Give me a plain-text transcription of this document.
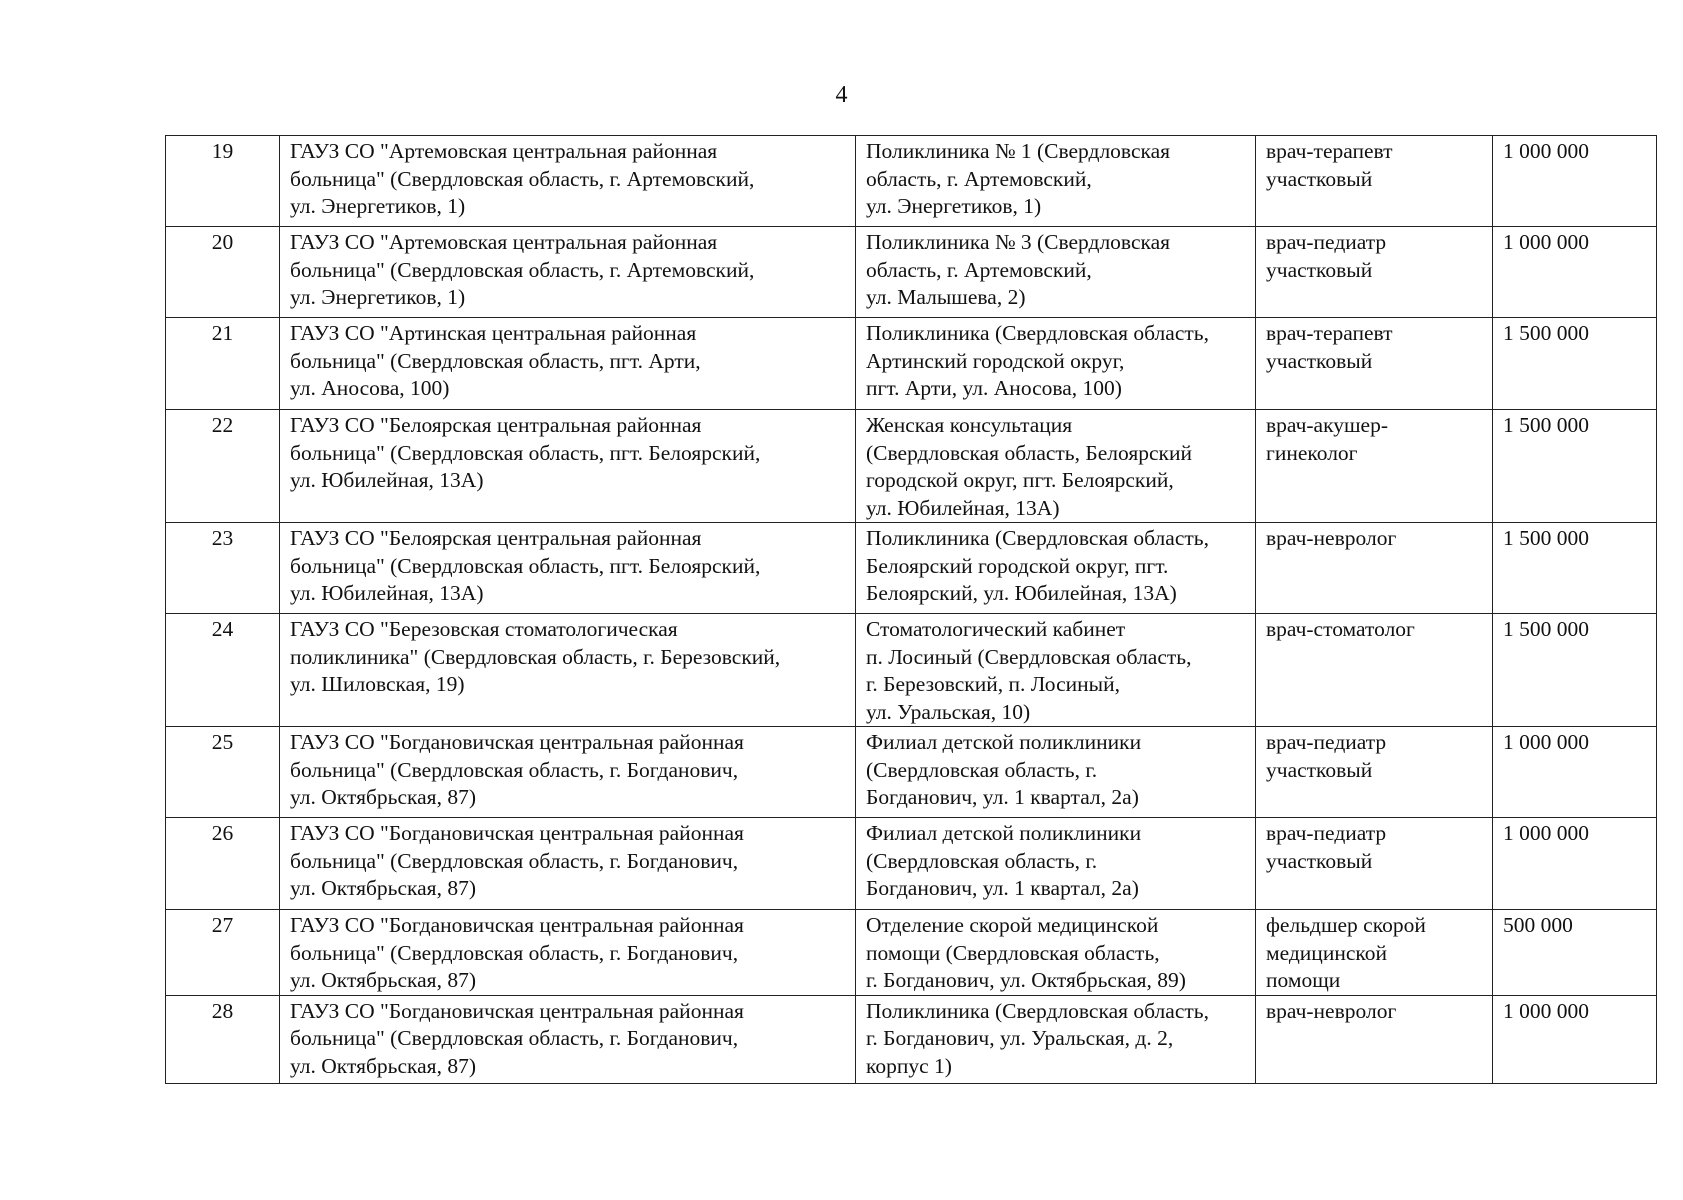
4
19	ГАУЗ СО "Артемовская центральная районная
больница" (Свердловская область, г. Артемовский,
ул. Энергетиков, 1)	Поликлиника № 1 (Свердловская
область, г. Артемовский,
ул. Энергетиков, 1)	врач-терапевт
участковый	1 000 000
20	ГАУЗ СО "Артемовская центральная районная
больница" (Свердловская область, г. Артемовский,
ул. Энергетиков, 1)	Поликлиника № 3 (Свердловская
область, г. Артемовский,
ул. Малышева, 2)	врач-педиатр
участковый	1 000 000
21	ГАУЗ СО "Артинская центральная районная
больница" (Свердловская область, пгт. Арти,
ул. Аносова, 100)	Поликлиника (Свердловская область,
Артинский городской округ,
пгт. Арти, ул. Аносова, 100)	врач-терапевт
участковый	1 500 000
22	ГАУЗ СО "Белоярская центральная районная
больница" (Свердловская область, пгт. Белоярский,
ул. Юбилейная, 13А)	Женская консультация
(Свердловская область, Белоярский
городской округ, пгт. Белоярский,
ул. Юбилейная, 13А)	врач-акушер-
гинеколог	1 500 000
23	ГАУЗ СО "Белоярская центральная районная
больница" (Свердловская область, пгт. Белоярский,
ул. Юбилейная, 13А)	Поликлиника (Свердловская область,
Белоярский городской округ, пгт.
Белоярский, ул. Юбилейная, 13А)	врач-невролог	1 500 000
24	ГАУЗ СО "Березовская стоматологическая
поликлиника" (Свердловская область, г. Березовский,
ул. Шиловская, 19)	Стоматологический кабинет
п. Лосиный (Свердловская область,
г. Березовский, п. Лосиный,
ул. Уральская, 10)	врач-стоматолог	1 500 000
25	ГАУЗ СО "Богдановичская центральная районная
больница" (Свердловская область, г. Богданович,
ул. Октябрьская, 87)	Филиал детской поликлиники
(Свердловская область, г.
Богданович, ул. 1 квартал, 2а)	врач-педиатр
участковый	1 000 000
26	ГАУЗ СО "Богдановичская центральная районная
больница" (Свердловская область, г. Богданович,
ул. Октябрьская, 87)	Филиал детской поликлиники
(Свердловская область, г.
Богданович, ул. 1 квартал, 2а)	врач-педиатр
участковый	1 000 000
27	ГАУЗ СО "Богдановичская центральная районная
больница" (Свердловская область, г. Богданович,
ул. Октябрьская, 87)	Отделение скорой медицинской
помощи (Свердловская область,
г. Богданович, ул. Октябрьская, 89)	фельдшер скорой
медицинской
помощи	500 000
28	ГАУЗ СО "Богдановичская центральная районная
больница" (Свердловская область, г. Богданович,
ул. Октябрьская, 87)	Поликлиника (Свердловская область,
г. Богданович, ул. Уральская, д. 2,
корпус 1)	врач-невролог	1 000 000
